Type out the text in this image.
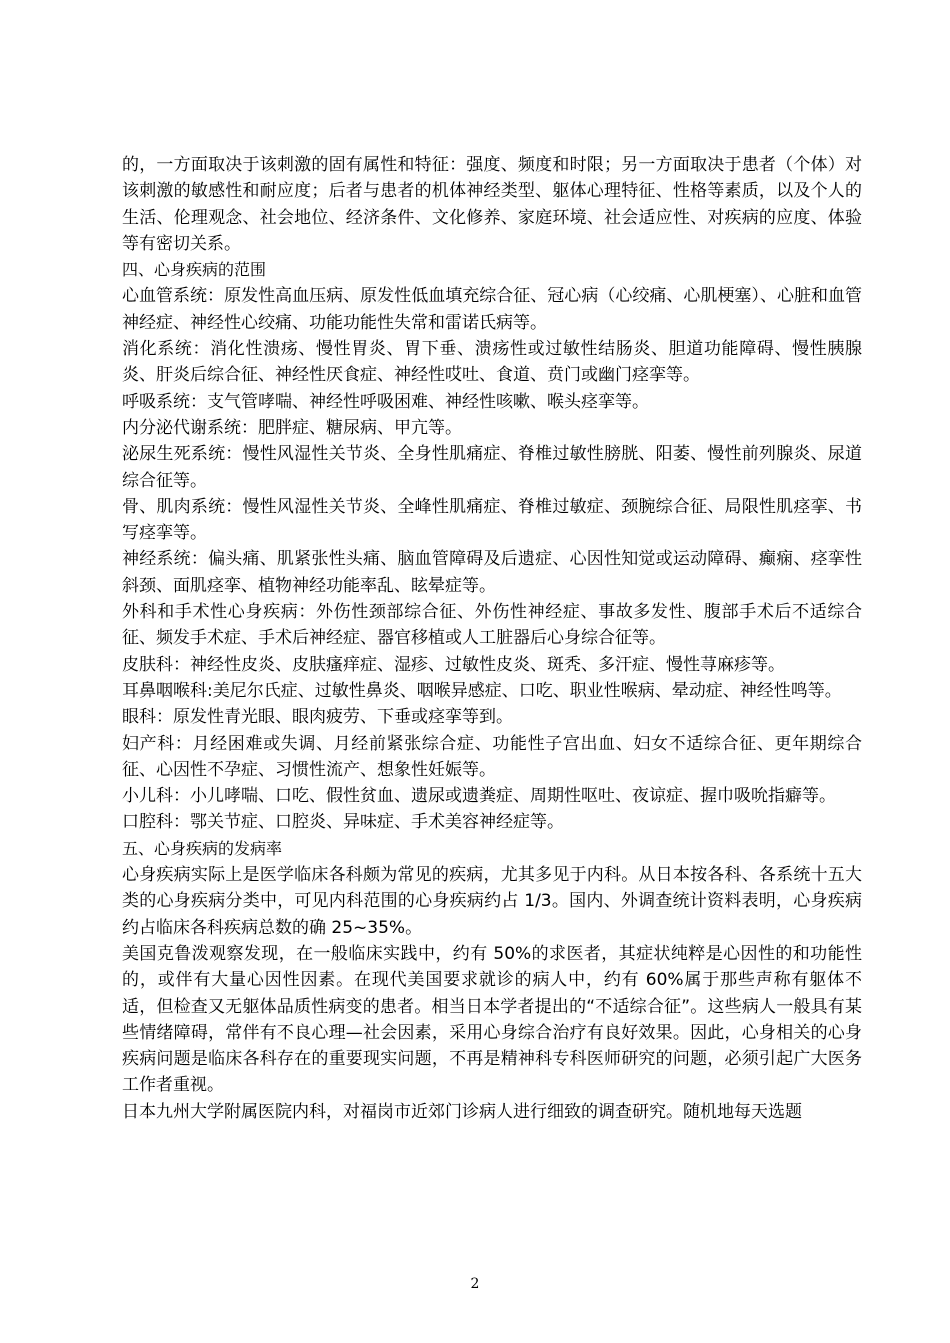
的，一方面取决于该刺激的固有属性和特征：强度、频度和时限；另一方面取决于患者（个体）对该刺激的敏感性和耐应度；后者与患者的机体神经类型、躯体心理特征、性格等素质，以及个人的生活、伦理观念、社会地位、经济条件、文化修养、家庭环境、社会适应性、对疾病的应度、体验等有密切关系。

四、心身疾病的范围

心血管系统：原发性高血压病、原发性低血填充综合征、冠心病（心绞痛、心肌梗塞）、心脏和血管神经症、神经性心绞痛、功能功能性失常和雷诺氏病等。

消化系统：消化性溃疡、慢性胃炎、胃下垂、溃疡性或过敏性结肠炎、胆道功能障碍、慢性胰腺炎、肝炎后综合征、神经性厌食症、神经性哎吐、食道、贲门或幽门痉挛等。

呼吸系统：支气管哮喘、神经性呼吸困难、神经性咳嗽、喉头痉挛等。

内分泌代谢系统：肥胖症、糖尿病、甲亢等。

泌尿生死系统：慢性风湿性关节炎、全身性肌痛症、脊椎过敏性膀胱、阳萎、慢性前列腺炎、尿道综合征等。

骨、肌肉系统：慢性风湿性关节炎、全峰性肌痛症、脊椎过敏症、颈腕综合征、局限性肌痉挛、书写痉挛等。

神经系统：偏头痛、肌紧张性头痛、脑血管障碍及后遗症、心因性知觉或运动障碍、癫痫、痉挛性斜颈、面肌痉挛、植物神经功能率乱、眩晕症等。

外科和手术性心身疾病：外伤性颈部综合征、外伤性神经症、事故多发性、腹部手术后不适综合征、频发手术症、手术后神经症、器官移植或人工脏器后心身综合征等。

皮肤科：神经性皮炎、皮肤瘙痒症、湿疹、过敏性皮炎、斑秃、多汗症、慢性荨麻疹等。

耳鼻咽喉科:美尼尔氏症、过敏性鼻炎、咽喉异感症、口吃、职业性喉病、晕动症、神经性鸣等。

眼科：原发性青光眼、眼肉疲劳、下垂或痉挛等到。

妇产科：月经困难或失调、月经前紧张综合症、功能性子宫出血、妇女不适综合征、更年期综合征、心因性不孕症、习惯性流产、想象性妊娠等。

小儿科：小儿哮喘、口吃、假性贫血、遗尿或遗粪症、周期性呕吐、夜谅症、握巾吸吮指癖等。

口腔科：鄂关节症、口腔炎、异味症、手术美容神经症等。

五、心身疾病的发病率

心身疾病实际上是医学临床各科颇为常见的疾病，尤其多见于内科。从日本按各科、各系统十五大类的心身疾病分类中，可见内科范围的心身疾病约占 1/3。国内、外调查统计资料表明，心身疾病约占临床各科疾病总数的确 25~35%。

美国克鲁泼观察发现，在一般临床实践中，约有 50%的求医者，其症状纯粹是心因性的和功能性的，或伴有大量心因性因素。在现代美国要求就诊的病人中，约有 60%属于那些声称有躯体不适，但检查又无躯体品质性病变的患者。相当日本学者提出的“不适综合征”。这些病人一般具有某些情绪障碍，常伴有不良心理—社会因素，采用心身综合治疗有良好效果。因此，心身相关的心身疾病问题是临床各科存在的重要现实问题，不再是精神科专科医师研究的问题，必须引起广大医务工作者重视。

日本九州大学附属医院内科，对福岗市近郊门诊病人进行细致的调查研究。随机地每天选题

2
